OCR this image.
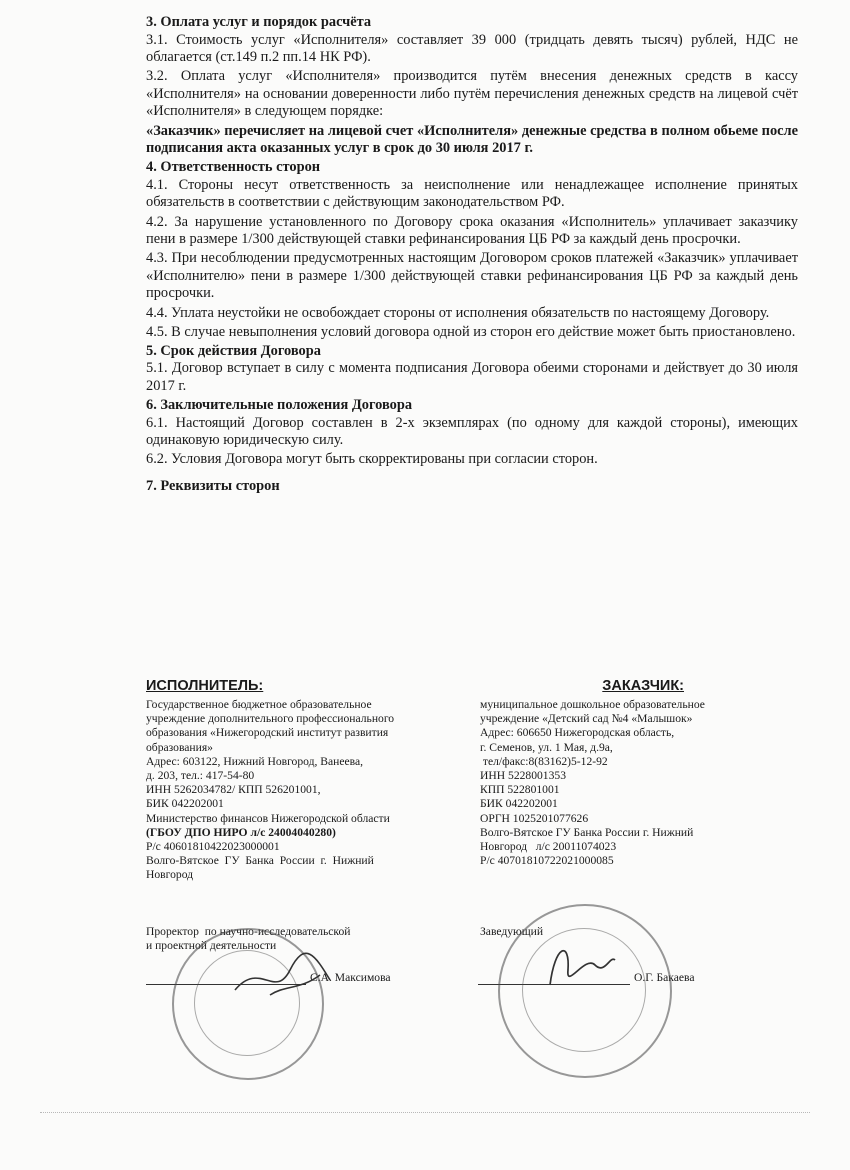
3. Оплата услуг и порядок расчёта

3.1. Стоимость услуг «Исполнителя» составляет 39 000 (тридцать девять тысяч) рублей, НДС не облагается (ст.149 п.2 пп.14 НК РФ).

3.2. Оплата услуг «Исполнителя» производится путём внесения денежных средств в кассу «Исполнителя» на основании доверенности либо путём перечисления денежных средств на лицевой счёт «Исполнителя» в следующем порядке:

«Заказчик» перечисляет на лицевой счет «Исполнителя» денежные средства в полном обьеме после подписания акта оказанных услуг в срок до 30 июля 2017 г.

4. Ответственность сторон

4.1. Стороны несут ответственность за неисполнение или ненадлежащее исполнение принятых обязательств в соответствии с действующим законодательством РФ.

4.2. За нарушение установленного по Договору срока оказания «Исполнитель» уплачивает заказчику пени в размере 1/300 действующей ставки рефинансирования ЦБ РФ за каждый день просрочки.

4.3. При несоблюдении предусмотренных настоящим Договором сроков платежей «Заказчик» уплачивает «Исполнителю» пени в размере 1/300 действующей ставки рефинансирования ЦБ РФ за каждый день просрочки.

4.4. Уплата неустойки не освобождает стороны от исполнения обязательств по настоящему Договору.

4.5. В случае невыполнения условий договора одной из сторон его действие может быть приостановлено.

5. Срок действия Договора

5.1. Договор вступает в силу с момента подписания Договора обеими сторонами и действует до 30 июля 2017 г.

6. Заключительные положения Договора

6.1. Настоящий Договор составлен в 2-х экземплярах (по одному для каждой стороны), имеющих одинаковую юридическую силу.

6.2. Условия Договора могут быть скорректированы при согласии сторон.

7. Реквизиты сторон

ИСПОЛНИТЕЛЬ:
Государственное бюджетное образовательное
учреждение дополнительного профессионального
образования «Нижегородский институт развития
образования»
Адрес: 603122, Нижний Новгород, Ванеева,
д. 203, тел.: 417-54-80
ИНН 5262034782/ КПП 526201001,
БИК 042202001
Министерство финансов Нижегородской области
(ГБОУ ДПО НИРО л/с 24004040280)
Р/с 40601810422023000001
Волго-Вятское  ГУ  Банка  России  г.  Нижний
Новгород
ЗАКАЗЧИК:
муниципальное дошкольное образовательное
учреждение «Детский сад №4 «Малышок»
Адрес: 606650 Нижегородская область,
г. Семенов, ул. 1 Мая, д.9а,
тел/факс:8(83162)5-12-92
ИНН 5228001353
КПП 522801001
БИК 042202001
ОРГН 1025201077626
Волго-Вятское ГУ Банка России г. Нижний
Новгород   л/с 20011074023
Р/с 40701810722021000085
Проректор  по научно-исследовательской
и проектной деятельности
С.А. Максимова
Заведующий
О.Г. Бакаева
